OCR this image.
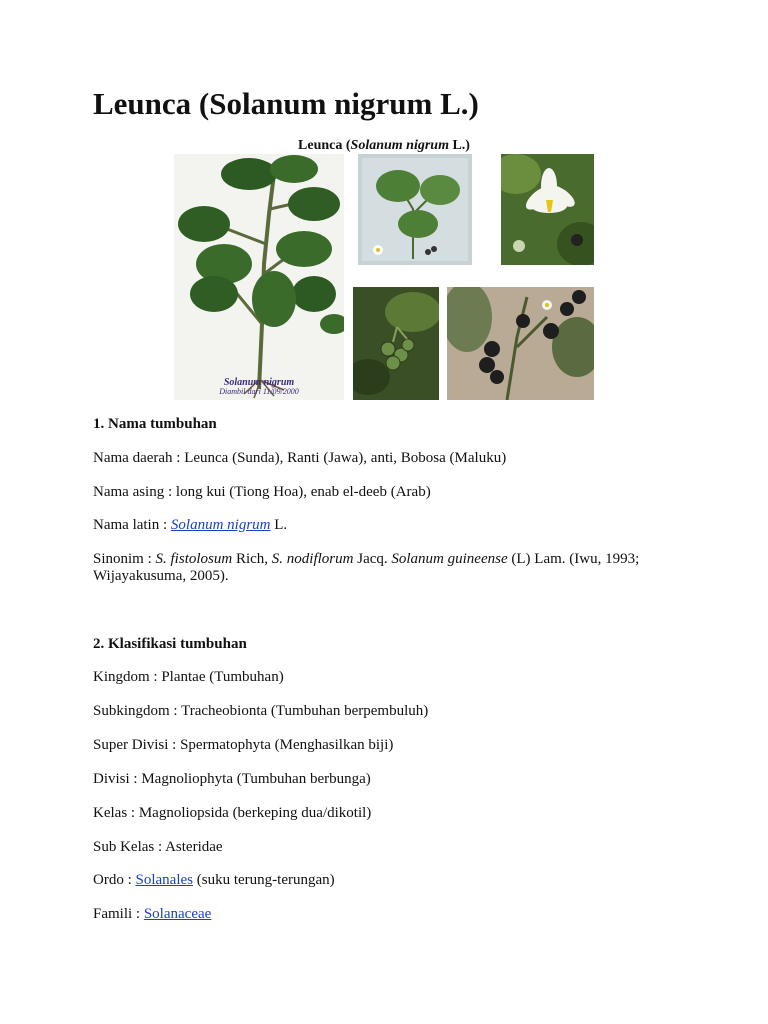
Leunca (Solanum nigrum L.)
Leunca (Solanum nigrum L.)
Solanum nigrum
Diambil dari 11/09/2000

1. Nama tumbuhan

Nama daerah : Leunca (Sunda), Ranti (Jawa), anti, Bobosa (Maluku)

Nama asing : long kui (Tiong Hoa), enab el-deeb (Arab)

Nama latin : Solanum nigrum L.

Sinonim : S. fistolosum Rich, S. nodiflorum Jacq. Solanum guineense (L) Lam. (Iwu, 1993; Wijayakusuma, 2005).

2. Klasifikasi tumbuhan

Kingdom : Plantae (Tumbuhan)

Subkingdom : Tracheobionta (Tumbuhan berpembuluh)

Super Divisi : Spermatophyta (Menghasilkan biji)

Divisi : Magnoliophyta (Tumbuhan berbunga)

Kelas : Magnoliopsida (berkeping dua/dikotil)

Sub Kelas : Asteridae

Ordo : Solanales (suku terung-terungan)

Famili : Solanaceae
